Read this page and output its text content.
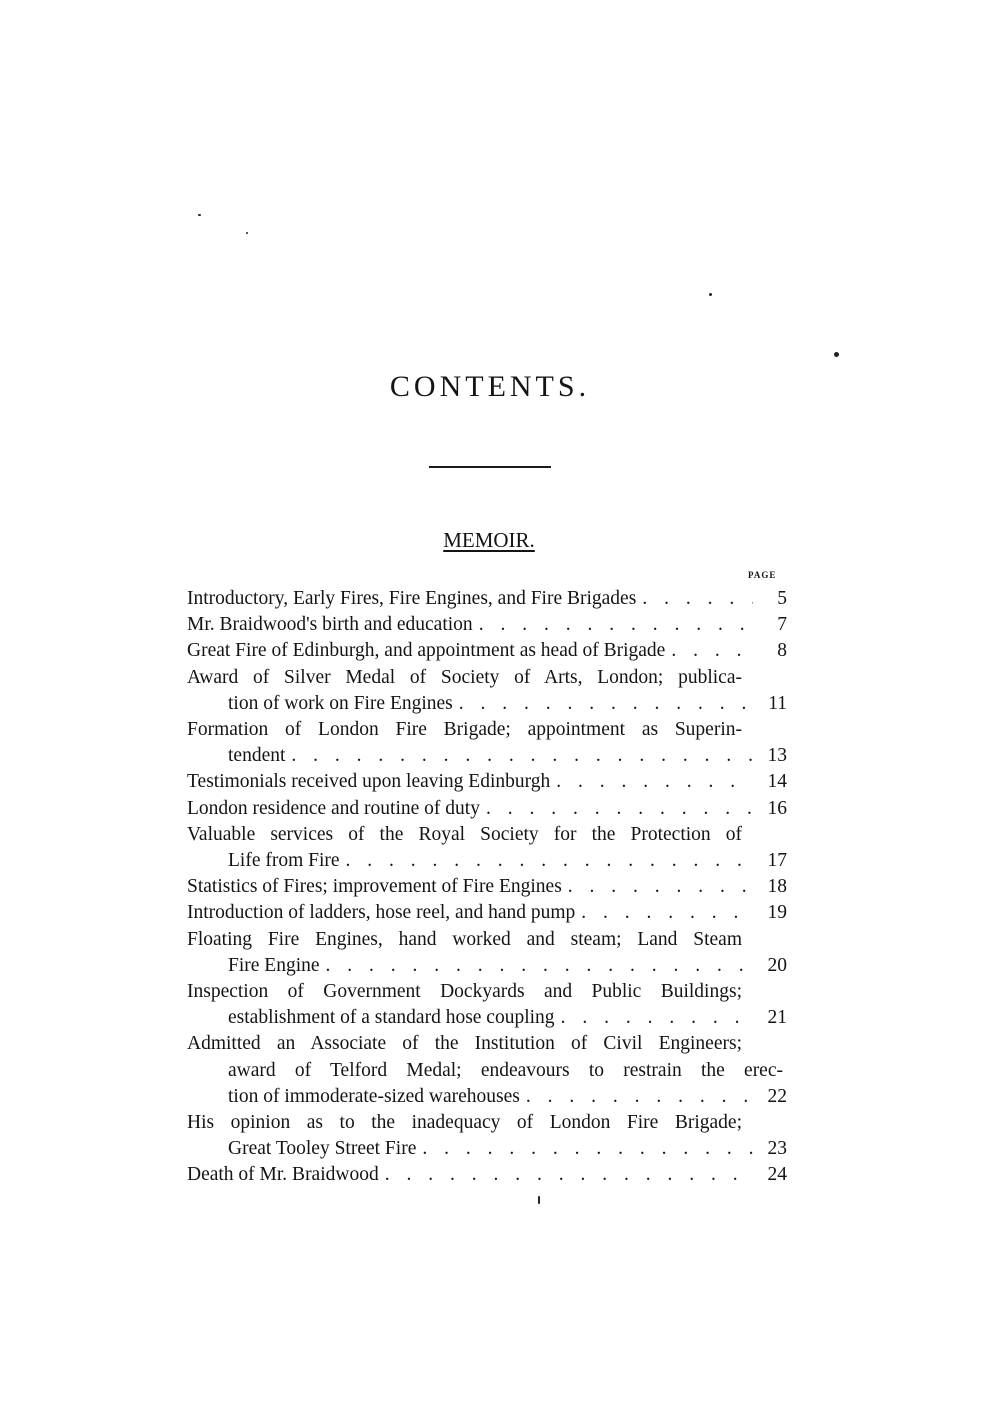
CONTENTS.
MEMOIR.
PAGE
Introductory, Early Fires, Fire Engines, and Fire Brigades . . .	5
Mr. Braidwood's birth and education . . .	7
Great Fire of Edinburgh, and appointment as head of Brigade . . .	8
Award of Silver Medal of Society of Arts, London; publica-
tion of work on Fire Engines . . .	11
Formation of London Fire Brigade; appointment as Superin-
tendent . . .	13
Testimonials received upon leaving Edinburgh . . .	14
London residence and routine of duty . . .	16
Valuable services of the Royal Society for the Protection of
Life from Fire . . .	17
Statistics of Fires; improvement of Fire Engines . . .	18
Introduction of ladders, hose reel, and hand pump . . .	19
Floating Fire Engines, hand worked and steam; Land Steam
Fire Engine . . .	20
Inspection of Government Dockyards and Public Buildings;
establishment of a standard hose coupling . . .	21
Admitted an Associate of the Institution of Civil Engineers;
award of Telford Medal; endeavours to restrain the erec-
tion of immoderate-sized warehouses . . .	22
His opinion as to the inadequacy of London Fire Brigade;
Great Tooley Street Fire . . .	23
Death of Mr. Braidwood . . .	24
